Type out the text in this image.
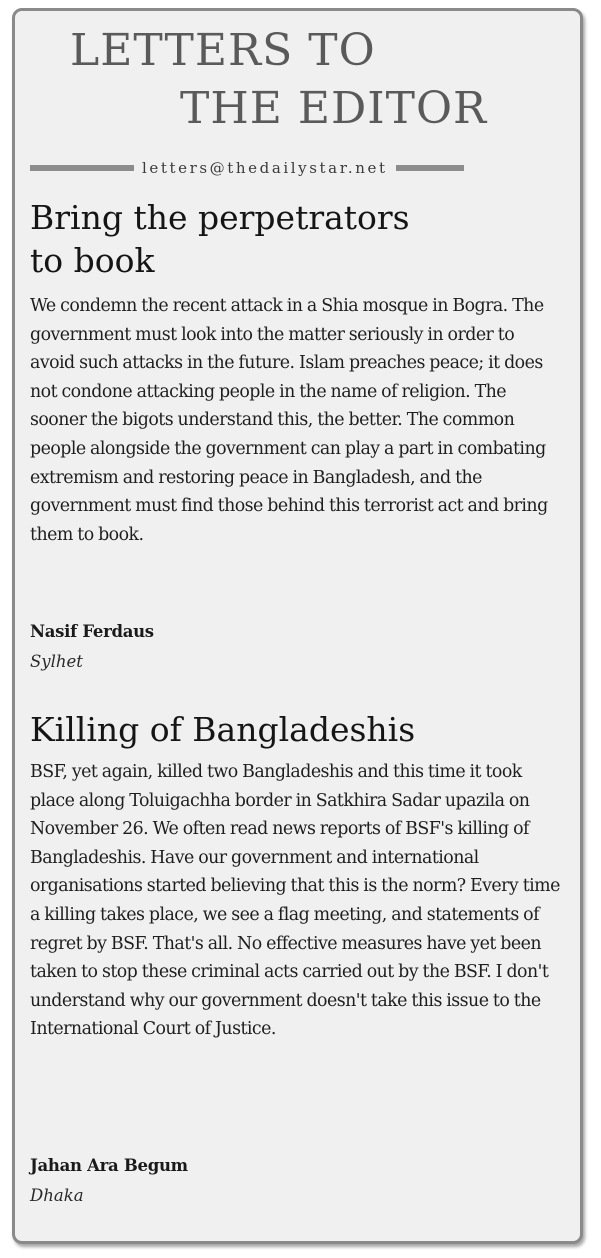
LETTERS TO
THE EDITOR
letters@thedailystar.net
Bring the perpetrators
to book

We condemn the recent attack in a Shia mosque in Bogra. The government must look into the matter seriously in order to avoid such attacks in the future. Islam preaches peace; it does not condone attacking people in the name of religion. The sooner the bigots understand this, the better. The common people alongside the government can play a part in combating extremism and restoring peace in Bangladesh, and the government must find those behind this terrorist act and bring them to book.

Nasif Ferdaus

Sylhet

Killing of Bangladeshis

BSF, yet again, killed two Bangladeshis and this time it took place along Toluigachha border in Satkhira Sadar upazila on November 26. We often read news reports of BSF's killing of Bangladeshis. Have our government and international organisations started believing that this is the norm? Every time a killing takes place, we see a flag meeting, and statements of regret by BSF. That's all. No effective measures have yet been taken to stop these criminal acts carried out by the BSF. I don't understand why our government doesn't take this issue to the International Court of Justice.

Jahan Ara Begum

Dhaka
